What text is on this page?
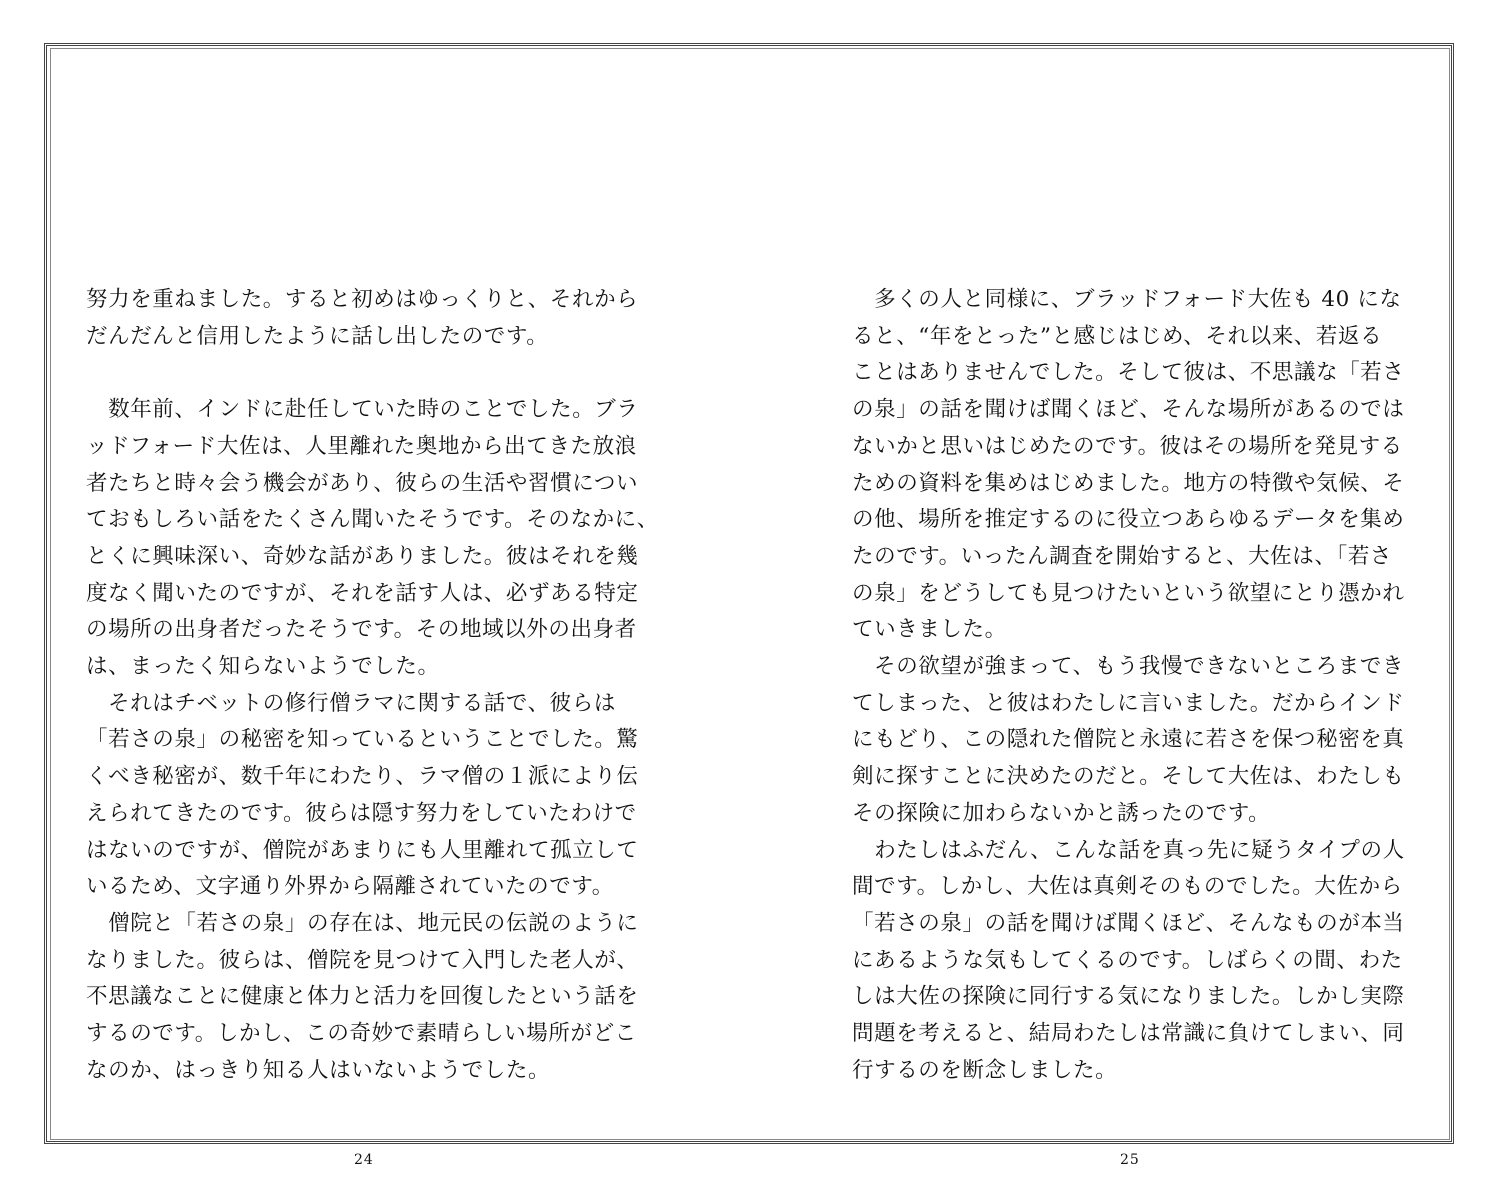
努力を重ねました。すると初めはゆっくりと、それから
だんだんと信用したように話し出したのです。

　数年前、インドに赴任していた時のことでした。ブラ
ッドフォード大佐は、人里離れた奥地から出てきた放浪
者たちと時々会う機会があり、彼らの生活や習慣につい
ておもしろい話をたくさん聞いたそうです。そのなかに、
とくに興味深い、奇妙な話がありました。彼はそれを幾
度なく聞いたのですが、それを話す人は、必ずある特定
の場所の出身者だったそうです。その地域以外の出身者
は、まったく知らないようでした。

　それはチベットの修行僧ラマに関する話で、彼らは
「若さの泉」の秘密を知っているということでした。驚
くべき秘密が、数千年にわたり、ラマ僧の１派により伝
えられてきたのです。彼らは隠す努力をしていたわけで
はないのですが、僧院があまりにも人里離れて孤立して
いるため、文字通り外界から隔離されていたのです。

　僧院と「若さの泉」の存在は、地元民の伝説のように
なりました。彼らは、僧院を見つけて入門した老人が、
不思議なことに健康と体力と活力を回復したという話を
するのです。しかし、この奇妙で素晴らしい場所がどこ
なのか、はっきり知る人はいないようでした。

　多くの人と同様に、ブラッドフォード大佐も 40 にな
ると、“年をとった”と感じはじめ、それ以来、若返る
ことはありませんでした。そして彼は、不思議な「若さ
の泉」の話を聞けば聞くほど、そんな場所があるのでは
ないかと思いはじめたのです。彼はその場所を発見する
ための資料を集めはじめました。地方の特徴や気候、そ
の他、場所を推定するのに役立つあらゆるデータを集め
たのです。いったん調査を開始すると、大佐は、「若さ
の泉」をどうしても見つけたいという欲望にとり憑かれ
ていきました。

　その欲望が強まって、もう我慢できないところまでき
てしまった、と彼はわたしに言いました。だからインド
にもどり、この隠れた僧院と永遠に若さを保つ秘密を真
剣に探すことに決めたのだと。そして大佐は、わたしも
その探険に加わらないかと誘ったのです。

　わたしはふだん、こんな話を真っ先に疑うタイプの人
間です。しかし、大佐は真剣そのものでした。大佐から
「若さの泉」の話を聞けば聞くほど、そんなものが本当
にあるような気もしてくるのです。しばらくの間、わた
しは大佐の探険に同行する気になりました。しかし実際
問題を考えると、結局わたしは常識に負けてしまい、同
行するのを断念しました。

24	25
